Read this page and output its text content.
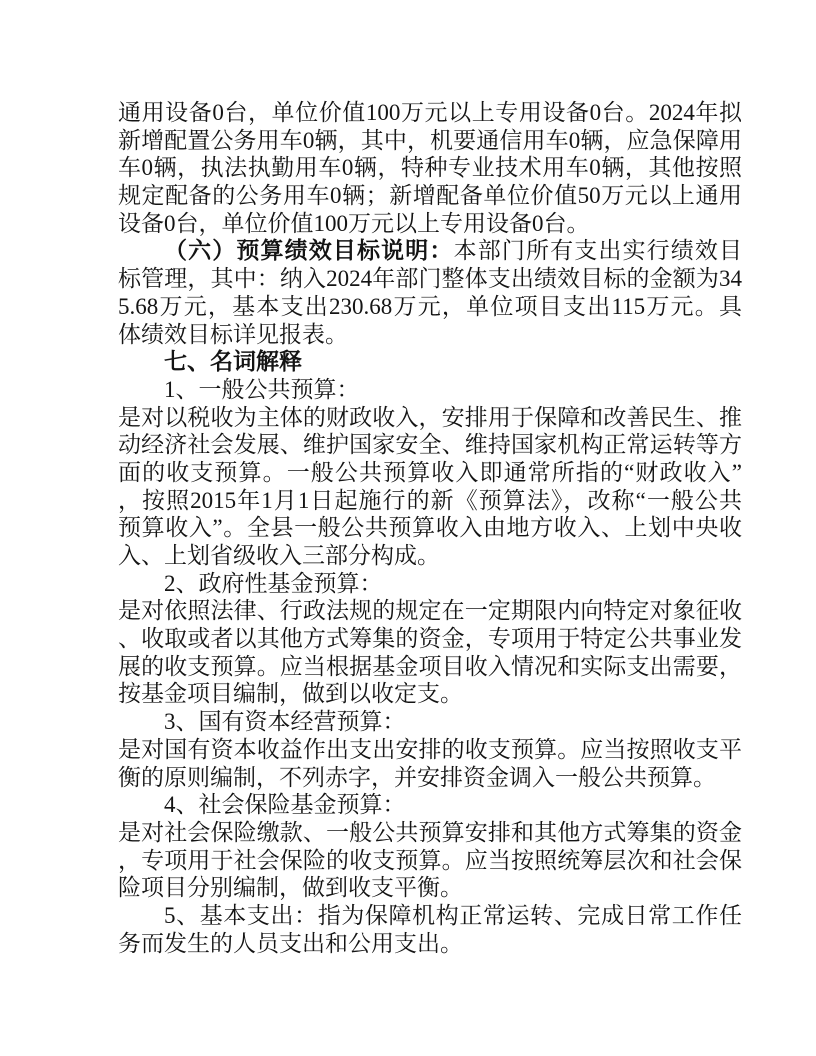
通用设备0台，单位价值100万元以上专用设备0台。2024年拟
新增配置公务用车0辆，其中，机要通信用车0辆，应急保障用
车0辆，执法执勤用车0辆，特种专业技术用车0辆，其他按照
规定配备的公务用车0辆；新增配备单位价值50万元以上通用
设备0台，单位价值100万元以上专用设备0台。
（六）预算绩效目标说明：本部门所有支出实行绩效目
标管理，其中：纳入2024年部门整体支出绩效目标的金额为34
5.68万元，基本支出230.68万元，单位项目支出115万元。具
体绩效目标详见报表。
七、名词解释
1、一般公共预算：
是对以税收为主体的财政收入，安排用于保障和改善民生、推
动经济社会发展、维护国家安全、维持国家机构正常运转等方
面的收支预算。一般公共预算收入即通常所指的“财政收入”
，按照2015年1月1日起施行的新《预算法》，改称“一般公共
预算收入”。全县一般公共预算收入由地方收入、上划中央收
入、上划省级收入三部分构成。
2、政府性基金预算：
是对依照法律、行政法规的规定在一定期限内向特定对象征收
、收取或者以其他方式筹集的资金，专项用于特定公共事业发
展的收支预算。应当根据基金项目收入情况和实际支出需要，
按基金项目编制，做到以收定支。
3、国有资本经营预算：
是对国有资本收益作出支出安排的收支预算。应当按照收支平
衡的原则编制，不列赤字，并安排资金调入一般公共预算。
4、社会保险基金预算：
是对社会保险缴款、一般公共预算安排和其他方式筹集的资金
，专项用于社会保险的收支预算。应当按照统筹层次和社会保
险项目分别编制，做到收支平衡。
5、基本支出：指为保障机构正常运转、完成日常工作任
务而发生的人员支出和公用支出。
